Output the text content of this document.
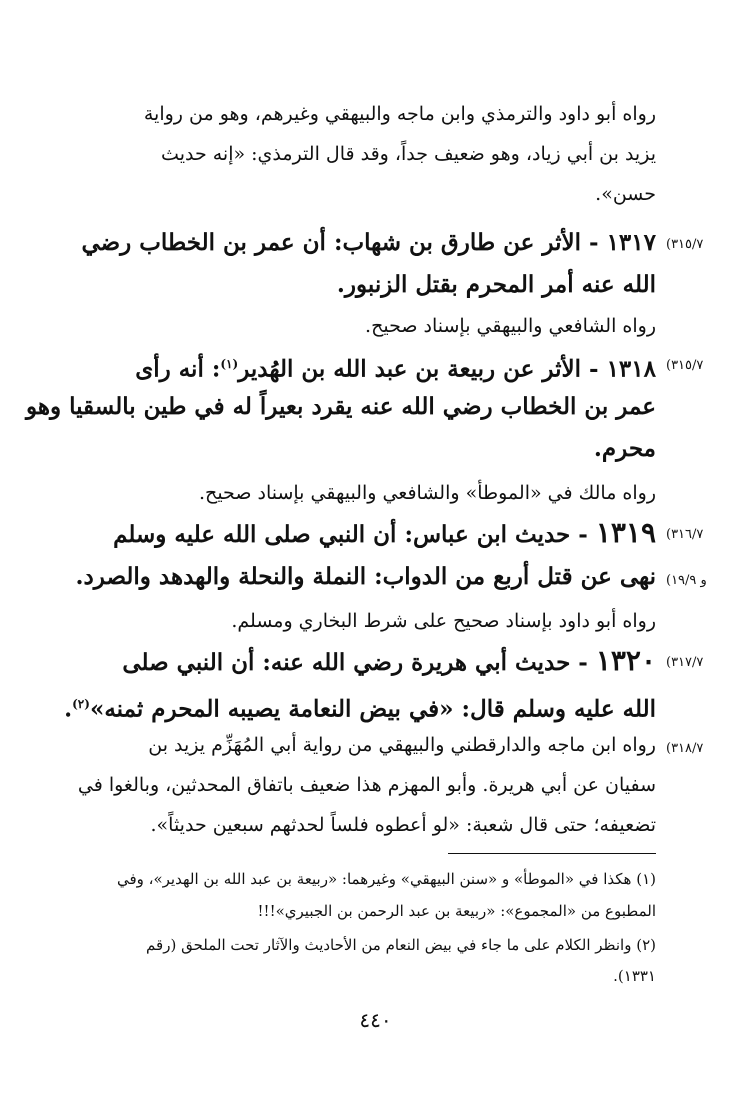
رواه أبو داود والترمذي وابن ماجه والبيهقي وغيرهم، وهو من رواية
يزيد بن أبي زياد، وهو ضعيف جداً، وقد قال الترمذي: «إنه حديث
حسن».
(٣١٥/٧
١٣١٧ - الأثر عن طارق بن شهاب: أن عمر بن الخطاب رضي
الله عنه أمر المحرم بقتل الزنبور.
رواه الشافعي والبيهقي بإسناد صحيح.
(٣١٥/٧
١٣١٨ - الأثر عن ربيعة بن عبد الله بن الهُدير$^{(١)}$: أنه رأى
عمر بن الخطاب رضي الله عنه يقرد بعيراً له في طين بالسقيا وهو
محرم.
رواه مالك في «الموطأ» والشافعي والبيهقي بإسناد صحيح.
(٣١٦/٧
و ١٩/٩)
١٣١٩ - حديث ابن عباس: أن النبي صلى الله عليه وسلم
نهى عن قتل أربع من الدواب: النملة والنحلة والهدهد والصرد.
رواه أبو داود بإسناد صحيح على شرط البخاري ومسلم.
(٣١٧/٧
١٣٢٠ - حديث أبي هريرة رضي الله عنه: أن النبي صلى
الله عليه وسلم قال: «في بيض النعامة يصيبه المحرم ثمنه»$^{(٢)}$.
(٣١٨/٧
رواه ابن ماجه والدارقطني والبيهقي من رواية أبي المُهَزِّم يزيد بن
سفيان عن أبي هريرة. وأبو المهزم هذا ضعيف باتفاق المحدثين، وبالغوا في
تضعيفه؛ حتى قال شعبة: «لو أعطوه فلساً لحدثهم سبعين حديثاً».
(١) هكذا في «الموطأ» و «سنن البيهقي» وغيرهما: «ربيعة بن عبد الله بن الهدير»، وفي
المطبوع من «المجموع»: «ربيعة بن عبد الرحمن بن الجبيري»!!!
(٢) وانظر الكلام على ما جاء في بيض النعام من الأحاديث والآثار تحت الملحق (رقم
١٣٣١).
٤٤٠
